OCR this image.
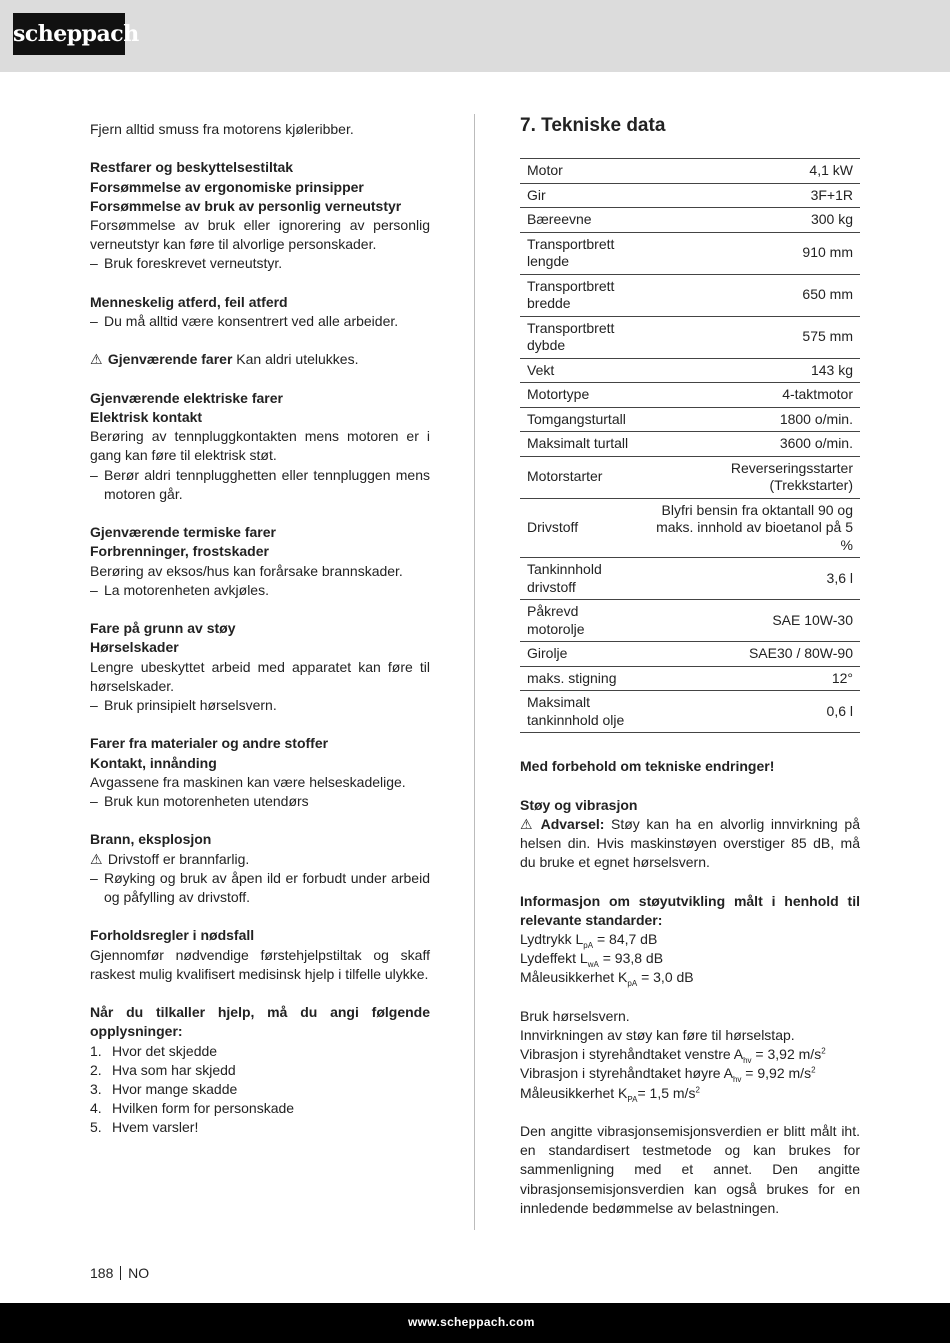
scheppach

Fjern alltid smuss fra motorens kjøleribber.

Restfarer og beskyttelsestiltak

Forsømmelse av ergonomiske prinsipper

Forsømmelse av bruk av personlig verneutstyr

Forsømmelse av bruk eller ignorering av personlig verneutstyr kan føre til alvorlige personskader.

– Bruk foreskrevet verneutstyr.

Menneskelig atferd, feil atferd

– Du må alltid være konsentrert ved alle arbeider.

⚠ Gjenværende farer Kan aldri utelukkes.

Gjenværende elektriske farer

Elektrisk kontakt

Berøring av tennpluggkontakten mens motoren er i gang kan føre til elektrisk støt.

– Berør aldri tennplugghetten eller tennpluggen mens motoren går.

Gjenværende termiske farer

Forbrenninger, frostskader

Berøring av eksos/hus kan forårsake brannskader.

– La motorenheten avkjøles.

Fare på grunn av støy

Hørselskader

Lengre ubeskyttet arbeid med apparatet kan føre til hørselskader.

– Bruk prinsipielt hørselsvern.

Farer fra materialer og andre stoffer

Kontakt, innånding

Avgassene fra maskinen kan være helseskadelige.

– Bruk kun motorenheten utendørs

Brann, eksplosjon

⚠ Drivstoff er brannfarlig.

– Røyking og bruk av åpen ild er forbudt under arbeid og påfylling av drivstoff.

Forholdsregler i nødsfall

Gjennomfør nødvendige førstehjelpstiltak og skaff raskest mulig kvalifisert medisinsk hjelp i tilfelle ulykke.

Når du tilkaller hjelp, må du angi følgende opplysninger:

1. Hvor det skjedde
2. Hva som har skjedd
3. Hvor mange skadde
4. Hvilken form for personskade
5. Hvem varsler!
7. Tekniske data
Motor	4,1 kW
Gir	3F+1R
Bæreevne	300 kg
Transportbrett lengde	910 mm
Transportbrett bredde	650 mm
Transportbrett dybde	575 mm
Vekt	143 kg
Motortype	4-taktmotor
Tomgangsturtall	1800 o/min.
Maksimalt turtall	3600 o/min.
Motorstarter	Reverseringsstarter (Trekkstarter)
Drivstoff	Blyfri bensin fra oktantall 90 og maks. innhold av bioetanol på 5 %
Tankinnhold drivstoff	3,6 l
Påkrevd motorolje	SAE 10W-30
Girolje	SAE30 / 80W-90
maks. stigning	12°
Maksimalt tankinnhold olje	0,6 l

Med forbehold om tekniske endringer!

Støy og vibrasjon

⚠ Advarsel: Støy kan ha en alvorlig innvirkning på helsen din. Hvis maskinstøyen overstiger 85 dB, må du bruke et egnet hørselsvern.

Informasjon om støyutvikling målt i henhold til relevante standarder:

Lydtrykk $L_{pA} = 84,7$ dB

Lydeffekt $L_{wA} = 93,8$ dB

Måleusikkerhet $K_{pA} = 3,0$ dB

Bruk hørselsvern.

Innvirkningen av støy kan føre til hørselstap.

Vibrasjon i styrehåndtaket venstre $A_{hv} = 3,92$ $m/s^2$

Vibrasjon i styrehåndtaket høyre $A_{hv} = 9,92$ $m/s^2$

Måleusikkerhet $K_{PA}= 1,5$ $m/s^2$

Den angitte vibrasjonsemisjonsverdien er blitt målt iht. en standardisert testmetode og kan brukes for sammenligning med et annet. Den angitte vibrasjonsemisjonsverdien kan også brukes for en innledende bedømmelse av belastningen.

188 NO
www.scheppach.com
